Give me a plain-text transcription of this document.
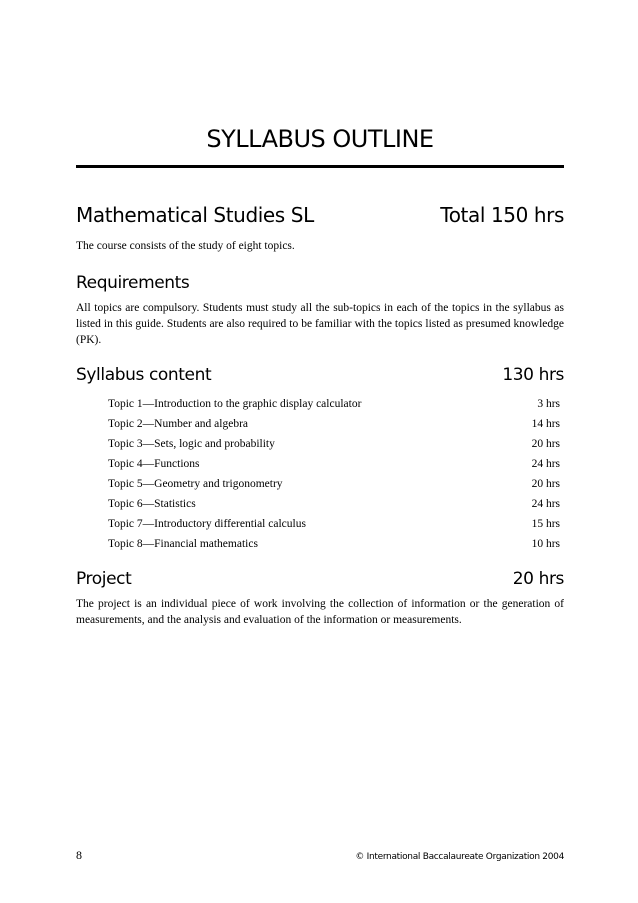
SYLLABUS OUTLINE
Mathematical Studies SL	Total 150 hrs

The course consists of the study of eight topics.

Requirements

All topics are compulsory. Students must study all the sub-topics in each of the topics in the syllabus as listed in this guide. Students are also required to be familiar with the topics listed as presumed knowledge (PK).

Syllabus content	130 hrs
Topic 1—Introduction to the graphic display calculator	3 hrs
Topic 2—Number and algebra	14 hrs
Topic 3—Sets, logic and probability	20 hrs
Topic 4—Functions	24 hrs
Topic 5—Geometry and trigonometry	20 hrs
Topic 6—Statistics	24 hrs
Topic 7—Introductory differential calculus	15 hrs
Topic 8—Financial mathematics	10 hrs
Project	20 hrs

The project is an individual piece of work involving the collection of information or the generation of measurements, and the analysis and evaluation of the information or measurements.

8	© International Baccalaureate Organization 2004
